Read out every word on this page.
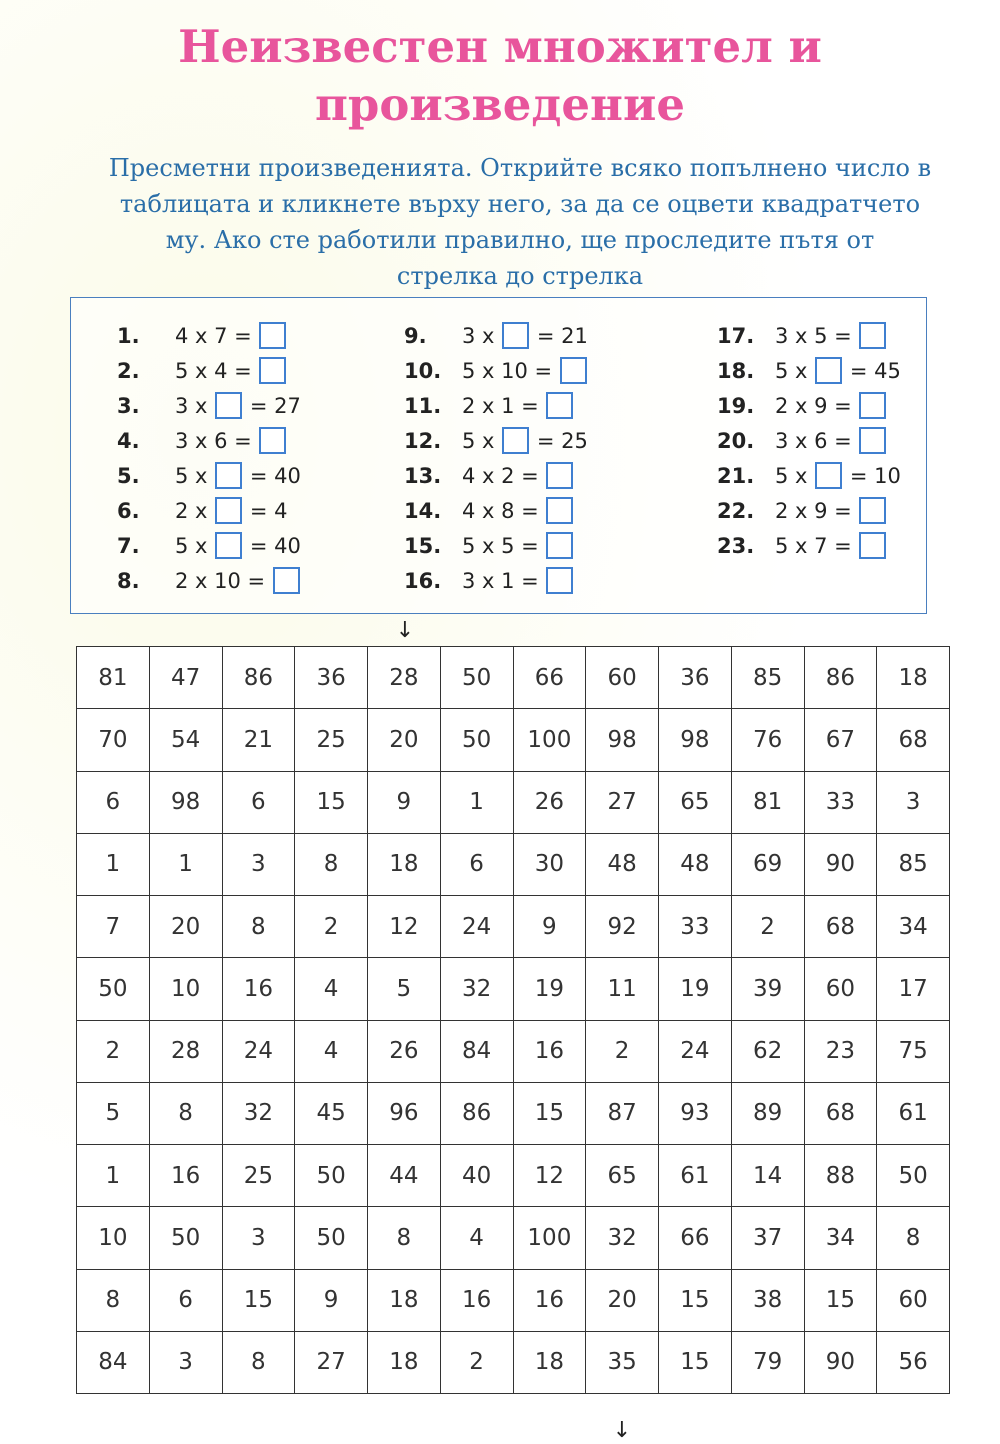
Неизвестен множител и
произведение
Пресметни произведенията. Открийте всяко попълнено число в
таблицата и кликнете върху него, за да се оцвети квадратчето
му. Ако сте работили правилно, ще проследите пътя от
стрелка до стрелка
1.	4 x 7 =
2.	5 x 4 =
3.	3 x = 27
4.	3 x 6 =
5.	5 x = 40
6.	2 x = 4
7.	5 x = 40
8.	2 x 10 =
9.	3 x = 21
10. 5 x 10 =
11. 2 x 1 =
12. 5 x = 25
13. 4 x 2 =
14. 4 x 8 =
15. 5 x 5 =
16. 3 x 1 =
17. 3 x 5 =
18. 5 x = 45
19. 2 x 9 =
20. 3 x 6 =
21. 5 x = 10
22. 2 x 9 =
23. 5 x 7 =
↓
81	47	86	36	28	50	66	60	36	85	86	18
70	54	21	25	20	50	100	98	98	76	67	68
6	98	6	15	9	1	26	27	65	81	33	3
1	1	3	8	18	6	30	48	48	69	90	85
7	20	8	2	12	24	9	92	33	2	68	34
50	10	16	4	5	32	19	11	19	39	60	17
2	28	24	4	26	84	16	2	24	62	23	75
5	8	32	45	96	86	15	87	93	89	68	61
1	16	25	50	44	40	12	65	61	14	88	50
10	50	3	50	8	4	100	32	66	37	34	8
8	6	15	9	18	16	16	20	15	38	15	60
84	3	8	27	18	2	18	35	15	79	90	56
↓
